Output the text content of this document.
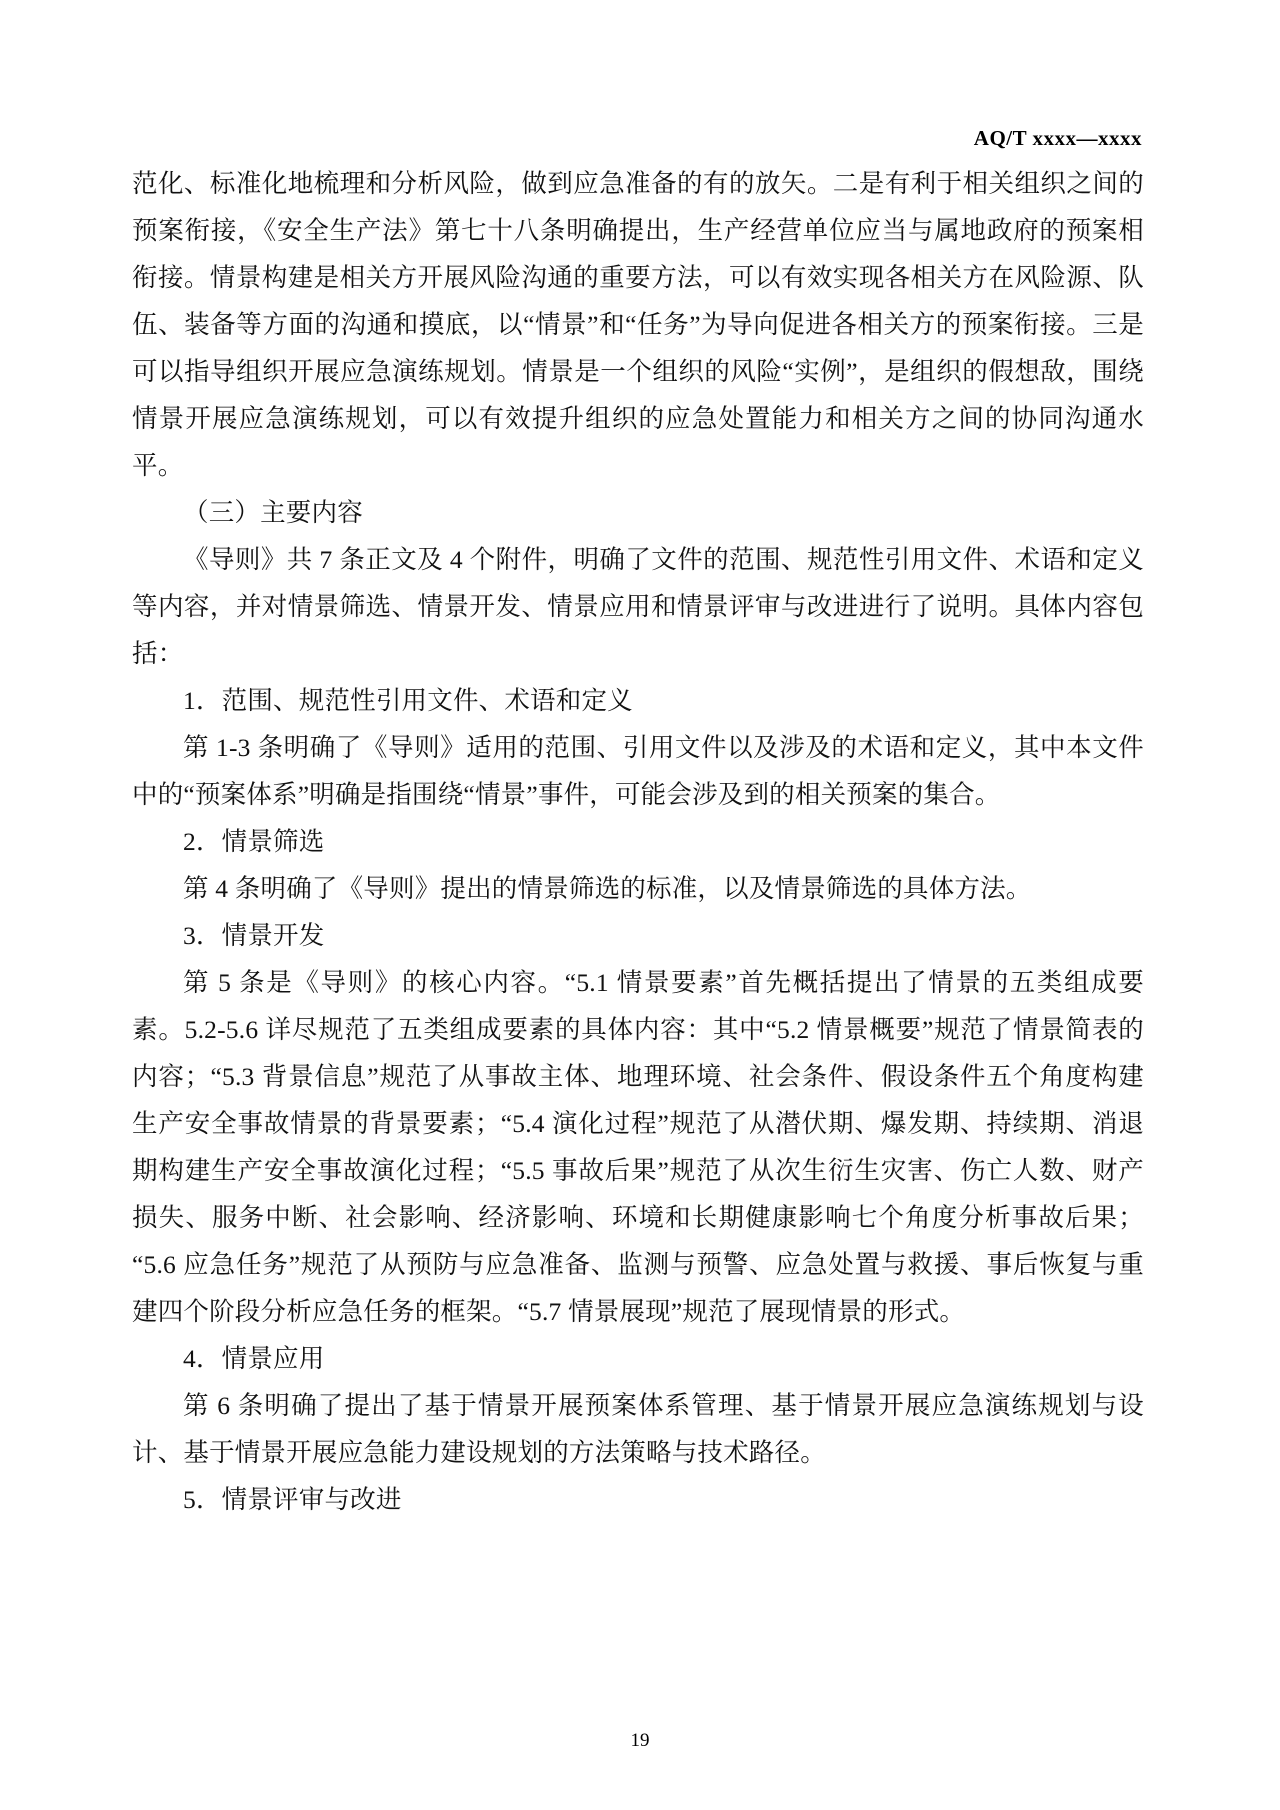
AQ/T xxxx—xxxx

范化、标准化地梳理和分析风险，做到应急准备的有的放矢。二是有利于相关组织之间的预案衔接，《安全生产法》第七十八条明确提出，生产经营单位应当与属地政府的预案相衔接。情景构建是相关方开展风险沟通的重要方法，可以有效实现各相关方在风险源、队伍、装备等方面的沟通和摸底，以“情景”和“任务”为导向促进各相关方的预案衔接。三是可以指导组织开展应急演练规划。情景是一个组织的风险“实例”，是组织的假想敌，围绕情景开展应急演练规划，可以有效提升组织的应急处置能力和相关方之间的协同沟通水平。

（三）主要内容

《导则》共 7 条正文及 4 个附件，明确了文件的范围、规范性引用文件、术语和定义等内容，并对情景筛选、情景开发、情景应用和情景评审与改进进行了说明。具体内容包括：

1．范围、规范性引用文件、术语和定义

第 1-3 条明确了《导则》适用的范围、引用文件以及涉及的术语和定义，其中本文件中的“预案体系”明确是指围绕“情景”事件，可能会涉及到的相关预案的集合。

2．情景筛选

第 4 条明确了《导则》提出的情景筛选的标准，以及情景筛选的具体方法。

3．情景开发

第 5 条是《导则》的核心内容。“5.1 情景要素”首先概括提出了情景的五类组成要素。5.2-5.6 详尽规范了五类组成要素的具体内容：其中“5.2 情景概要”规范了情景简表的内容；“5.3 背景信息”规范了从事故主体、地理环境、社会条件、假设条件五个角度构建生产安全事故情景的背景要素；“5.4 演化过程”规范了从潜伏期、爆发期、持续期、消退期构建生产安全事故演化过程；“5.5 事故后果”规范了从次生衍生灾害、伤亡人数、财产损失、服务中断、社会影响、经济影响、环境和长期健康影响七个角度分析事故后果；“5.6 应急任务”规范了从预防与应急准备、监测与预警、应急处置与救援、事后恢复与重建四个阶段分析应急任务的框架。“5.7 情景展现”规范了展现情景的形式。

4．情景应用

第 6 条明确了提出了基于情景开展预案体系管理、基于情景开展应急演练规划与设计、基于情景开展应急能力建设规划的方法策略与技术路径。

5．情景评审与改进

19
